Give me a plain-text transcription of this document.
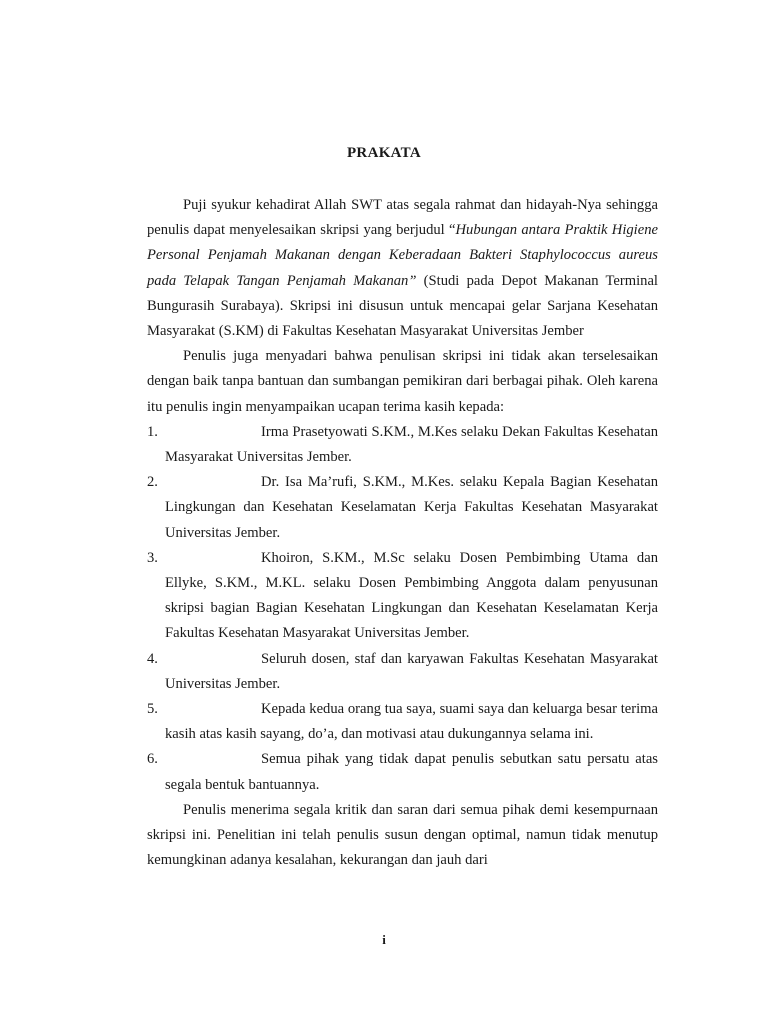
PRAKATA

Puji syukur kehadirat Allah SWT atas segala rahmat dan hidayah-Nya sehingga penulis dapat menyelesaikan skripsi yang berjudul “Hubungan antara Praktik Higiene Personal Penjamah Makanan dengan Keberadaan Bakteri Staphylococcus aureus pada Telapak Tangan Penjamah Makanan” (Studi pada Depot Makanan Terminal Bungurasih Surabaya). Skripsi ini disusun untuk mencapai gelar Sarjana Kesehatan Masyarakat (S.KM) di Fakultas Kesehatan Masyarakat Universitas Jember

Penulis juga menyadari bahwa penulisan skripsi ini tidak akan terselesaikan dengan baik tanpa bantuan dan sumbangan pemikiran dari berbagai pihak. Oleh karena itu penulis ingin menyampaikan ucapan terima kasih kepada:

1.	Irma Prasetyowati S.KM., M.Kes selaku Dekan Fakultas Kesehatan Masyarakat Universitas Jember.
2.	Dr. Isa Ma’rufi, S.KM., M.Kes. selaku Kepala Bagian Kesehatan Lingkungan dan Kesehatan Keselamatan Kerja Fakultas Kesehatan Masyarakat Universitas Jember.
3.	Khoiron, S.KM., M.Sc selaku Dosen Pembimbing Utama dan Ellyke, S.KM., M.KL. selaku Dosen Pembimbing Anggota dalam penyusunan skripsi bagian Bagian Kesehatan Lingkungan dan Kesehatan Keselamatan Kerja Fakultas Kesehatan Masyarakat Universitas Jember.
4.	Seluruh dosen, staf dan karyawan Fakultas Kesehatan Masyarakat Universitas Jember.
5.	Kepada kedua orang tua saya, suami saya dan keluarga besar terima kasih atas kasih sayang, do’a, dan motivasi atau dukungannya selama ini.
6.	Semua pihak yang tidak dapat penulis sebutkan satu persatu atas segala bentuk bantuannya.

Penulis menerima segala kritik dan saran dari semua pihak demi kesempurnaan skripsi ini. Penelitian ini telah penulis susun dengan optimal, namun tidak menutup kemungkinan adanya kesalahan, kekurangan dan jauh dari

i
